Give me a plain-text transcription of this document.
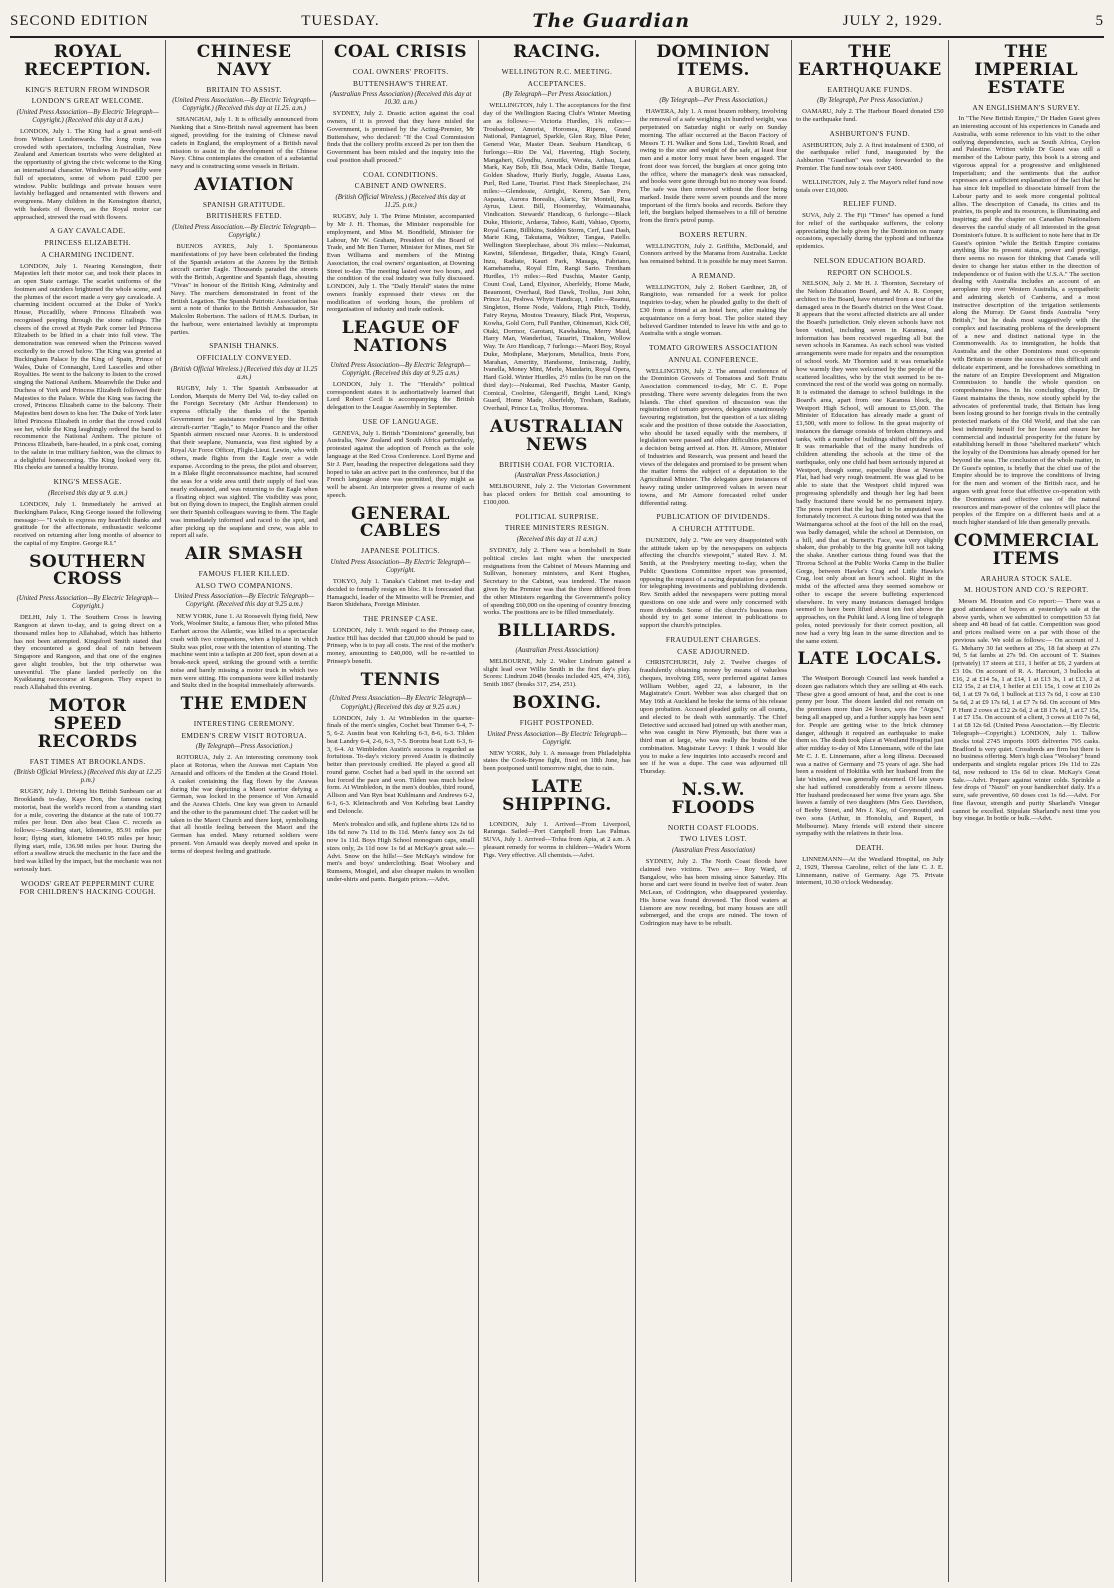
SECOND EDITION	TUESDAY.	The Guardian	JULY 2, 1929.	5
ROYAL RECEPTION.
KING'S RETURN FROM WINDSOR
LONDON'S GREAT WELCOME.
(United Press Association—By Electric Telegraph—Copyright.) (Received this day at 8 a.m.)
LONDON, July 1. The King had a great send-off from Windsor Londonwards. The long route was crowded with spectators, including Australian, New Zealand and American tourists who were delighted at the opportunity of giving the civic welcome to the King an international character. Windows in Piccadilly were full of spectators, some of whom paid £200 per window. Public buildings and private houses were lavishly beflagged and ornamented with flowers and evergreens. Many children in the Kensington district, with baskets of flowers, as the Royal motor car approached, strewed the road with flowers.
A GAY CAVALCADE.
PRINCESS ELIZABETH.
A CHARMING INCIDENT.
LONDON, July 1. Nearing Kensington, their Majesties left their motor car, and took their places in an open State carriage. The scarlet uniforms of the footmen and outriders brightened the whole scene, and the plumes of the escort made a very gay cavalcade. A charming incident occurred at the Duke of York's House, Piccadilly, where Princess Elizabeth was recognised peeping through the stone railings. The cheers of the crowd at Hyde Park corner led Princess Elizabeth to be lifted in a chair into full view. The demonstration was renewed when the Princess waved excitedly to the crowd below. The King was greeted at Buckingham Palace by the King of Spain, Prince of Wales, Duke of Connaught, Lord Lascelles and other Royalties. He went to the balcony to listen to the crowd singing the National Anthem. Meanwhile the Duke and Duchess of York and Princess Elizabeth followed their Majesties to the Palace. While the King was facing the crowd, Princess Elizabeth came to the balcony. Their Majesties bent down to kiss her. The Duke of York later lifted Princess Elizabeth in order that the crowd could see her, while the King laughingly ordered the band to recommence the National Anthem. The picture of Princess Elizabeth, bare-headed, in a pink coat, coming to the salute in true military fashion, was the climax to a delightful homecoming. The King looked very fit. His cheeks are tanned a healthy bronze.
KING'S MESSAGE.
(Received this day at 9. a.m.)
LONDON, July 1. Immediately he arrived at Buckingham Palace, King George issued the following message:— "I wish to express my heartfelt thanks and gratitude for the affectionate, enthusiastic welcome received on returning after long months of absence to the capital of my Empire. George R.I."
SOUTHERN CROSS
(United Press Association—By Electric Telegraph—Copyright.)
DELHI, July 1. The Southern Cross is leaving Rangoon at dawn to-day, and is going direct on a thousand miles hop to Allahabad, which has hitherto has not been attempted. Kingsford Smith stated that they encountered a good deal of rain between Singapore and Rangoon, and that one of the engines gave slight troubles, but the trip otherwise was uneventful. The plane landed perfectly on the Kyaiktaung racecourse at Rangoon. They expect to reach Allahabad this evening.
MOTOR SPEED RECORDS
FAST TIMES AT BROOKLANDS.
(British Official Wireless.) (Received this day at 12.25 p.m.)
RUGBY, July 1. Driving his British Sunbeam car at Brooklands to-day, Kaye Don, the famous racing motorist, beat the world's record from a standing start for a mile, covering the distance at the rate of 100.77 miles per hour. Don also beat Class C. records as follows:—Standing start, kilometre, 85.91 miles per hour; flying start, kilometre 140.95 miles per hour; flying start, mile, 136.98 miles per hour. During the effort a swallow struck the mechanic in the face and the bird was killed by the impact, but the mechanic was not seriously hurt.
WOODS' GREAT PEPPERMINT CURE FOR CHILDREN'S HACKING COUGH.
CHINESE NAVY
BRITAIN TO ASSIST.
(United Press Association.—By Electric Telegraph—Copyright.) (Received this day at 11.25. a.m.)
SHANGHAI, July 1. It is officially announced from Nanking that a Sino-British naval agreement has been signed, providing for the training of Chinese naval cadets in England, the employment of a British naval mission to assist in the development of the Chinese Navy. China contemplates the creation of a substantial navy and is constructing some vessels in Britain.
AVIATION
SPANISH GRATITUDE.
BRITISHERS FETED.
(United Press Association.—By Electric Telegraph—Copyright.)
BUENOS AYRES, July 1. Spontaneous manifestations of joy have been celebrated the finding of the Spanish aviators at the Azores by the British aircraft carrier Eagle. Thousands paraded the streets with the British, Argentine and Spanish flags, shouting "Vivas" in honour of the British King, Admiralty and Navy. The marchers demonstrated in front of the British Legation. The Spanish Patriotic Association has sent a note of thanks to the British Ambassador, Sir Malcolm Robertson. The sailors of H.M.S. Durban, in the harbour, were entertained lavishly at impromptu parties.
SPANISH THANKS.
OFFICIALLY CONVEYED.
(British Official Wireless.) (Received this day at 11.25 a.m.)
RUGBY, July 1. The Spanish Ambassador at London, Marquis de Merry Del Val, to-day called on the Foreign Secretary (Mr Arthur Henderson) to express officially the thanks of the Spanish Government for assistance rendered by the British aircraft-carrier "Eagle," to Major Franco and the other Spanish airmen rescued near Azores. It is understood that their seaplane, Numancia, was first sighted by a Royal Air Force Officer, Flight-Lieut. Lewin, who with others, made flights from the Eagle over a wide expanse. According to the press, the pilot and observer, in a Blake flight reconnaissance machine, had scoured the seas for a wide area until their supply of fuel was nearly exhausted, and was returning to the Eagle when a floating object was sighted. The visibility was poor, but on flying down to inspect, the English airmen could see their Spanish colleagues waving to them. The Eagle was immediately informed and raced to the spot, and after picking up the seaplane and crew, was able to report all safe.
AIR SMASH
FAMOUS FLIER KILLED.
ALSO TWO COMPANIONS.
United Press Association—By Electric Telegraph—Copyright. (Received this day at 9.25 a.m.)
NEW YORK, June 1. At Roosevelt flying field, New York, Woolmer Stultz, a famous flier, who piloted Miss Earhart across the Atlantic, was killed in a spectacular crash with two companions, when a biplane in which Stultz was pilot, rose with the intention of stunting. The machine went into a tailspin at 200 feet, spun down at a break-neck speed, striking the ground with a terrific noise and barely missing a motor truck in which two men were sitting. His companions were killed instantly and Stultz died in the hospital immediately afterwards.
THE EMDEN
INTERESTING CEREMONY.
EMDEN'S CREW VISIT ROTORUA.
(By Telegraph—Press Association.)
ROTORUA, July 2. An interesting ceremony took place at Rotorua, when the Arawas met Captain Von Arnauld and officers of the Emden at the Grand Hotel. A casket containing the flag flown by the Arawas during the war depicting a Maori warrior defying a German, was locked in the presence of Von Arnauld and the Arawa Chiefs. One key was given to Arnauld and the other to the paramount chief. The casket will be taken to the Maori Church and there kept, symbolising that all hostile feeling between the Maori and the German has ended. Many returned soldiers were present. Von Arnauld was deeply moved and spoke in terms of deepest feeling and gratitude.
COAL CRISIS
COAL OWNERS' PROFITS.
BUTTENSHAW'S THREAT.
(Australian Press Association) (Received this day at 10.30. a.m.)
SYDNEY, July 2. Drastic action against the coal owners, if it is proved that they have misled the Government, is promised by the Acting-Premier, Mr Buttenshaw, who declared: "If the Coal Commission finds that the colliery profits exceed 2s per ton then the Government has been misled and the inquiry into the coal position shall proceed."
COAL CONDITIONS.
CABINET AND OWNERS.
(British Official Wireless.) (Received this day at 11.25. p.m.)
RUGBY, July 1. The Prime Minister, accompanied by Mr J. H. Thomas, the Minister responsible for employment, and Miss M. Bondfield, Minister for Labour, Mr W. Graham, President of the Board of Trade, and Mr Ben Turner, Minister for Mines, met Sir Evan Williams and members of the Mining Association, the coal owners' organisation, at Downing Street to-day. The meeting lasted over two hours, and the condition of the coal industry was fully discussed. LONDON, July 1. The "Daily Herald" states the mine owners frankly expressed their views on the modification of working hours, the problem of reorganisation of industry and trade outlook.
LEAGUE OF NATIONS
United Press Association—By Electric Telegraph—Copyright. (Received this day at 9.25 a.m.)
LONDON, July 1. The "Herald's" political correspondent states it is authoritatively learned that Lord Robert Cecil is accompanying the British delegation to the League Assembly in September.
USE OF LANGUAGE.
GENEVA, July 1. British "Dominions" generally, but Australia, New Zealand and South Africa particularly, protested against the adoption of French as the sole language at the Red Cross Conference. Lord Byrne and Sir J. Parr, heading the respective delegations said they hoped to take an active part in the conference, but if the French language alone was permitted, they might as well be absent. An interpreter gives a resume of each speech.
GENERAL CABLES
JAPANESE POLITICS.
United Press Association—By Electric Telegraph—Copyright.
TOKYO, July 1. Tanaka's Cabinet met to-day and decided to formally resign en bloc. It is forecasted that Hamaguchi, leader of the Minseito will be Premier, and Baron Shidehara, Foreign Minister.
THE PRINSEP CASE.
LONDON, July 1. With regard to the Prinsep case, Justice Hill has decided that £20,000 should be paid to Prinsep, who is to pay all costs. The rest of the mother's money, amounting to £40,000, will be re-settled to Prinsep's benefit.
TENNIS
(United Press Association—By Electric Telegraph—Copyright.) (Received this day at 9.25 a.m.)
LONDON, July 1. At Wimbledon in the quarter-finals of the men's singles, Cochet beat Timmer 6-4, 7-5, 6-2. Austin beat von Kehrling 6-3, 8-6, 6-3. Tilden beat Landry 6-4, 2-6, 6-3, 7-5. Borotra beat Lott 6-3, 6-3, 6-4. At Wimbledon Austin's success is regarded as fortuitous. To-day's victory proved Austin is distinctly better than previously credited. He played a good all round game. Cochet had a bad spell in the second set but forced the pace and won. Tilden was much below form. At Wimbledon, in the men's doubles, third round, Allison and Van Ryn beat Kuhlmann and Andrews 6-2, 6-1, 6-3. Kleinschroth and Von Kehrling beat Landry and Deloncle.
Men's trobralco and silk, and fujilene shirts 12s 6d to 18s 6d now 7s 11d to 8s 11d. Men's fancy sox 2s 6d now 1s 11d. Boys High School monogram caps, small sizes only, 2s 11d now 1s 6d at McKay's great sale.—Advt. Snow on the hills!—See McKay's window for men's and boys' underclothing. Boat Woolsey and Rumsens, Mosgiel, and also cheaper makes in woollen under-shirts and pants. Bargain prices.—Advt.
RACING.
WELLINGTON R.C. MEETING.
ACCEPTANCES.
(By Telegraph—Per Press Association.)
WELLINGTON, July 1. The acceptances for the first day of the Wellington Racing Club's Winter Meeting are as follows:— Victoria Hurdles, 1¾ miles:—Troubadour, Amorist, Horomea, Ripeno, Grand National, Pantagruel, Sparkle, Glen Ray, Blue Peter, General War, Master Dean. Seaburn Handicap, 6 furlongs:—Rio De Val, Havering, High Society, Mangaheri, Glyndhu, Amutiki, Werata, Arihau, Last Mark, Kay Bob, Eli Boa, Mack Odin, Battle Torque, Golden Shadow, Hurly Burly, Juggle, Ataaua Lass, Purl, Red Lane, Tourist. First Hack Steeplechase, 2¼ miles:—Glendessie, Airtight, Kereru, San Pero, Aspasia, Aurora Borealis, Alaric, Sir Montell, Rua Ayrus, Lieut. Bill, Hoomerday, Waimaunaha, Vindication. Stewards' Handicap, 6 furlongs:—Black Duke, Historic, Ardaroa, Taboo, Kaiti, Vahiao, Oporto, Royal Game, Billikins, Sudden Storm, Cerf, Last Dash, Marie King, Takutama, Waltzer, Tangaa, Patello. Wellington Steeplechase, about 3¼ miles:—Nukumai, Kawini, Silendesse, Brigadier, Ihaia, King's Guard, Inzu, Radiate, Kauri Park, Mauaga, Fabriano, Kamehameha, Royal Elm, Rangi Sarto. Trentham Hurdles, 1½ miles:—Red Fuschia, Master Ganip, Count Coal, Land, Elysinor, Aberfeldy, Home Made, Beaumont, Overhaul, Red Dawk, Trollus, Just John, Prince Lu, Peshwa. Whyte Handicap, 1 mile:—Ruanui, Singleton, Home Node, Valdora, High Pitch, Toddy, Fairy Reyna, Moutoa Treasury, Black Pint, Vesperus, Kowha, Gold Corn, Full Panther, Ohinemuri, Kick Off, Otaki, Dormor, Garotani, Kawhakina, Merry Maid, Harry Man, Wanderlust, Tauariri, Tinakon, Wollow Way. Te Aro Handicap, 7 furlongs:—Maori Boy, Royal Duke, Mothplane, Marjoram, Metallica, Innis Fore, Marahan, Ameritty, Handsome, Inniscraig, Judify, Ivanella, Money Mint, Merle, Mandarin, Royal Opera, Hard Gold. Winter Hurdles, 2½ miles (to be run on the third day):—Nukumai, Red Fuschia, Master Ganip, Comical, Coolrine, Glengariff, Bright Land, King's Guard, Home Made, Aberfeldy, Tresham, Radiate, Overhaul, Prince Lu, Trollus, Horomea.
AUSTRALIAN NEWS
BRITISH COAL FOR VICTORIA.
(Australian Press Association.)
MELBOURNE, July 2. The Victorian Government has placed orders for British coal amounting to £100,000.
POLITICAL SURPRISE.
THREE MINISTERS RESIGN.
(Received this day at 11 a.m.)
SYDNEY, July 2. There was a bombshell in State political circles last night when the unexpected resignations from the Cabinet of Messrs Manning and Sullivan, honorary ministers, and Kent Hughes, Secretary to the Cabinet, was tendered. The reason given by the Premier was that the three differed from the other Ministers regarding the Government's policy of spending £60,000 on the opening of country freezing works. The positions are to be filled immediately.
BILLIARDS.
(Australian Press Association)
MELBOURNE, July 2. Walter Lindrum gained a slight lead over Willie Smith in the first day's play. Scores: Lindrum 2048 (breaks included 425, 474, 316), Smith 1867 (breaks 317, 254, 251).
BOXING.
FIGHT POSTPONED.
United Press Association—By Electric Telegraph—Copyright.
NEW YORK, July 1. A message from Philadelphia states the Cook-Bryne fight, fixed on 18th June, has been postponed until tomorrow night, due to rain.
LATE SHIPPING.
LONDON, July 1. Arrived—From Liverpool, Raranga. Sailed—Port Campbell from Las Palmas. SUVA, July 1. Arrived—Tofua from Apia, at 2 a.m. A pleasant remedy for worms in children—Wade's Worm Figs. Very effective. All chemists.—Advt.
DOMINION ITEMS.
A BURGLARY.
(By Telegraph—Per Press Association.)
HAWERA, July 1. A most brazen robbery, involving the removal of a safe weighing six hundred weight, was perpetrated on Saturday night or early on Sunday morning. The affair occurred at the Bacon Factory of Messrs T. H. Walker and Sons Ltd., Tawhiti Road, and owing to the size and weight of the safe, at least four men and a motor lorry must have been engaged. The front door was forced, the burglars at once going into the office, where the manager's desk was ransacked, and hooks were gone through but no money was found. The safe was then removed without the floor being marked. Inside there were seven pounds and the more important of the firm's books and records. Before they left, the burglars helped themselves to a fill of benzine from the firm's petrol pump.
BOXERS RETURN.
WELLINGTON, July 2. Griffiths, McDonald, and Connors arrived by the Marama from Australia. Leckie has remained behind. It is possible he may meet Sarron.
A REMAND.
WELLINGTON, July 2. Robert Gardiner, 28, of Rangitoto, was remanded for a week for police inquiries to-day, when he pleaded guilty to the theft of £30 from a friend at an hotel here, after making the acquaintance on a ferry boat. The police stated they believed Gardiner intended to leave his wife and go to Australia with a single woman.
TOMATO GROWERS ASSOCIATION
ANNUAL CONFERENCE.
WELLINGTON, July 2. The annual conference of the Dominion Growers of Tomatoes and Soft Fruits Association commenced to-day, Mr C. E. Pope presiding. There were seventy delegates from the two Islands. The chief question of discussion was the registration of tomato growers, delegates unanimously favouring registration, but the question of a tax sliding scale and the position of those outside the Association, who should be taxed equally with the members, if legislation were passed and other difficulties prevented a decision being arrived at. Hon. H. Atmore, Minister of Industries and Research, was present and heard the views of the delegates and promised to be present when the matter forms the subject of a deputation to the Agricultural Minister. The delegates gave instances of heavy rating under unimproved values in seven near towns, and Mr Atmore forecasted relief under differential rating.
PUBLICATION OF DIVIDENDS.
A CHURCH ATTITUDE.
DUNEDIN, July 2. "We are very disappointed with the attitude taken up by the newspapers on subjects affecting the church's viewpoint," stated Rev. J. M. Smith, at the Presbytery meeting to-day, when the Public Questions Committee report was presented, opposing the request of a racing deputation for a permit for telegraphing investments and publishing dividends. Rev. Smith added the newspapers were putting moral questions on one side and were only concerned with more dividends. Some of the church's business men should try to get some interest in publications to support the church's principles.
FRAUDULENT CHARGES.
CASE ADJOURNED.
CHRISTCHURCH, July 2. Twelve charges of fraudulently obtaining money by means of valueless cheques, involving £95, were preferred against James William Webber, aged 22, a labourer, in the Magistrate's Court. Webber was also charged that on May 16th at Auckland he broke the terms of his release upon probation. Accused pleaded guilty on all counts, and elected to be dealt with summarily. The Chief Detective said accused had joined up with another man, who was caught in New Plymouth, but there was a third man at large, who was really the brains of the combination. Magistrate Levvy: I think I would like you to make a few inquiries into accused's record and see if he was a dupe. The case was adjourned till Thursday.
N.S.W. FLOODS
NORTH COAST FLOODS.
TWO LIVES LOST.
(Australian Press Association)
SYDNEY, July 2. The North Coast floods have claimed two victims. Two are— Roy Ward, of Bangalow, who has been missing since Saturday. His horse and cart were found in twelve feet of water. Jean McLean, of Codrington, who disappeared yesterday. His horse was found drowned. The flood waters at Lismore are now receding, but many houses are still submerged, and the crops are ruined. The town of Codrington may have to be rebuilt.
THE EARTHQUAKE
EARTHQUAKE FUNDS.
(By Telegraph, Per Press Association.)
OAMARU, July 2. The Harbour Board donated £50 to the earthquake fund.
ASHBURTON'S FUND.
ASHBURTON, July 2. A first instalment of £300, of the earthquake relief fund, inaugurated by the Ashburton "Guardian" was today forwarded to the Premier. The fund now totals over £400.
WELLINGTON, July 2. The Mayor's relief fund now totals over £10,000.
RELIEF FUND.
SUVA, July 2. The Fiji "Times" has opened a fund for relief of the earthquake sufferers, the colony appreciating the help given by the Dominion on many occasions, especially during the typhoid and influenza epidemics.
NELSON EDUCATION BOARD.
REPORT ON SCHOOLS.
NELSON, July 2. Mr H. J. Thornton, Secretary of the Nelson Education Board, and Mr A. R. Cooper, architect to the Board, have returned from a tour of the damaged area in the Board's district on the West Coast. It appears that the worst affected districts are all under the Board's jurisdiction. Only eleven schools have not been visited, including seven in Karamea, and information has been received regarding all but the seven schools in Karamea. As each school was visited arrangements were made for repairs and the resumption of school work. Mr Thornton said it was remarkable how warmly they were welcomed by the people of the scattered localities, who by the visit seemed to be re-convinced the rest of the world was going on normally. It is estimated the damage to school buildings in the Board's area, apart from one Karamea block, the Westport High School, will amount to £5,000. The Minister of Education has already made a grant of £1,500, with more to follow. In the great majority of instances the damage consists of broken chimneys and tanks, with a number of buildings shifted off the piles. It was remarkable that of the many hundreds of children attending the schools at the time of the earthquake, only one child had been seriously injured at Westport, though some, especially those at Newton Flat, had had very rough treatment. He was glad to be able to state that the Westport child injured was progressing splendidly and though her leg had been badly fractured there would be no permanent injury. The press report that the leg had to be amputated was fortunately incorrect. A curious thing noted was that the Waimangaroa school at the foot of the hill on the road, was badly damaged, while the school at Denniston, on a hill, and that at Burnett's Face, was very slightly shaken, due probably to the big granite hill not taking the shake. Another curious thing found was that the Tiroroa School at the Public Works Camp in the Buller Gorge, between Hawke's Crag and Little Hawke's Crag, lost only about an hour's school. Right in the midst of the affected area they seemed somehow or other to escape the severe buffeting experienced elsewhere. In very many instances damaged bridges seemed to have been lifted about ten feet above the approaches, on the Puhiki land. A long line of telegraph poles, noted previously for their correct position, all now had a very big lean in the same direction and to the same extent.
LATE LOCALS.
The Westport Borough Council last week handed a dozen gas radiators which they are selling at 40s each. These give a good amount of heat, and the cost is one penny per hour. The dozen landed did not remain on the premises more than 24 hours, says the "Argus," being all snapped up, and a further supply has been sent for. People are getting wise to the brick chimney danger, although it required an earthquake to make them so. The death took place at Westland Hospital just after midday to-day of Mrs Linnemann, wife of the late Mr C. J. E. Linnemann, after a long illness. Deceased was a native of Germany and 75 years of age. She had been a resident of Hokitika with her husband from the late 'sixties, and was generally esteemed. Of late years she had suffered considerably from a severe illness. Her husband predeceased her some five years ago. She leaves a family of two daughters (Mrs Geo. Davidson, of Beeby Street, and Mrs J. Kay, of Greymouth) and two sons (Arthur, in Honolulu, and Rupert, in Melbourne). Many friends will extend their sincere sympathy with the relatives in their loss.
DEATH.
LINNEMANN—At the Westland Hospital, on July 2, 1929, Theresa Caroline, relict of the late C. J. E. Linnemann, native of Germany. Age 75. Private interment, 10.30 o'clock Wednesday.
THE IMPERIAL ESTATE
AN ENGLISHMAN'S SURVEY.
In "The New British Empire," Dr Haden Guest gives an interesting account of his experiences in Canada and Australia, with some reference to his visit to the other outlying dependencies, such as South Africa, Ceylon and Palestine. Written while Dr Guest was still a member of the Labour party, this book is a strong and vigorous appeal for a progressive and enlightened Imperialism; and the sentiments that the author expresses are a sufficient explanation of the fact that he has since felt impelled to dissociate himself from the Labour party and to seek more congenial political allies. The description of Canada, its cities and its prairies, its people and its resources, is illuminating and inspiring; and the chapter on Canadian Nationalism deserves the careful study of all interested in the great Dominion's future. It is sufficient to note here that in Dr Guest's opinion "while the British Empire contains anything like its present status, power and prestige, there seems no reason for thinking that Canada will desire to change her status either in the direction of independence or of fusion with the U.S.A." The section dealing with Australia includes an account of an aeroplane trip over Western Australia, a sympathetic and admiring sketch of Canberra, and a most instructive description of the irrigation settlements along the Murray. Dr Guest finds Australia "very British," but he deals most suggestively with the complex and fascinating problems of the development of a new and distinct national type in the Commonwealth. As to immigration, he holds that Australia and the other Dominions must co-operate with Britain to ensure the success of this difficult and delicate experiment, and he foreshadows something in the nature of an Empire Development and Migration Commission to handle the whole question on comprehensive lines. In his concluding chapter, Dr Guest maintains the thesis, now stoutly upheld by the advocates of preferential trade, that Britain has long been losing ground to her foreign rivals in the centrally protected markets of the Old World, and that she can best indemnify herself for her losses and ensure her commercial and industrial prosperity for the future by establishing herself in those "sheltered markets" which the loyalty of the Dominions has already opened for her beyond the seas. The conclusion of the whole matter, in Dr Guest's opinion, is briefly that the chief use of the Empire should be to improve the conditions of living for the men and women of the British race, and he argues with great force that effective co-operation with the Dominions and effective use of the natural resources and man-power of the colonies will place the peoples of the Empire on a different basis and at a much higher standard of life than generally prevails.
COMMERCIAL ITEMS
ARAHURA STOCK SALE.
M. HOUSTON AND CO.'S REPORT.
Messrs M. Houston and Co report:— There was a good attendance of buyers at yesterday's sale at the above yards, when we submitted to competition 53 fat sheep and 48 head of fat cattle. Competition was good and prices realised were on a par with those of the previous sale. We sold as follows:— On account of J. G. Meharry 30 fat wethers at 35s, 18 fat sheep at 27s 9d, 5 fat lambs at 27s 9d. On account of T. Staines (privately) 17 steers at £11, 1 heifer at £6, 2 yarders at £3 10s. On account of R. A. Harcourt, 3 bullocks at £16, 2 at £14 5s, 1 at £14, 1 at £13 3s, 1 at £13, 2 at £12 15s, 2 at £14, 1 heifer at £11 15s, 1 cow at £10 2s 6d, 1 at £9 7s 6d, 1 bullock at £13 7s 6d, 1 cow at £10 5s 6d, 2 at £9 17s 6d, 1 at £7 7s 6d. On account of Mrs P. Hunt 2 cows at £12 2s 6d, 2 at £8 17s 6d, 1 at £7 15s, 1 at £7 15s. On account of a client, 3 cows at £10 7s 6d, 1 at £8 12s 6d. (United Press Association.—By Electric Telegraph—Copyright.) LONDON, July 1. Tallow stocks total 2745 imports 1005 deliveries 795 casks. Bradford is very quiet. Crossbreds are firm but there is no business offering. Men's high class "Woolsey" brand underpants and singlets regular prices 19s 11d to 22s 6d, now reduced to 15s 6d to clear. McKay's Great Sale.—Advt. Prepare against winter colds. Sprinkle a few drops of "Nazol" on your handkerchief daily. It's a sure, safe preventive, 60 doses cost 1s 6d.—Advt. For fine flavour, strength and purity Sharland's Vinegar cannot be excelled. Stipulate Sharland's next time you buy vinegar. In bottle or bulk.—Advt.
